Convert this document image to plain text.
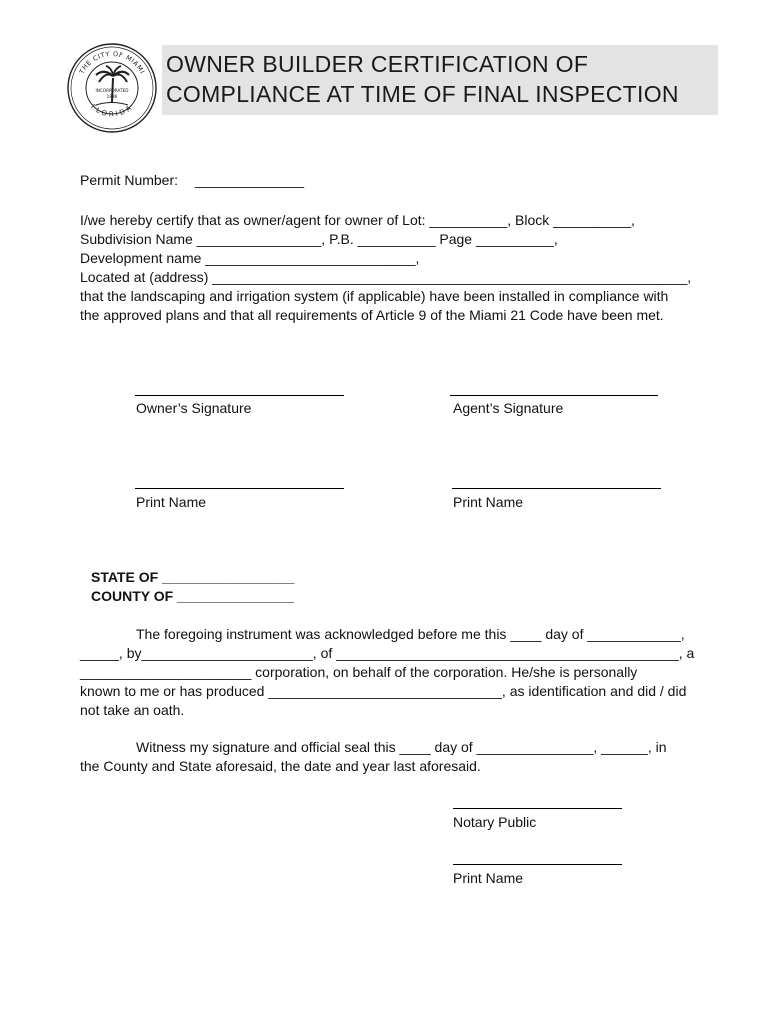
THE CITY OF MIAMI
FLORIDA
INCORPORATED
1896
OWNER BUILDER CERTIFICATION OF
COMPLIANCE AT TIME OF FINAL INSPECTION
Permit Number: ______________
I/we hereby certify that as owner/agent for owner of Lot: __________, Block __________,
Subdivision Name ________________, P.B. __________ Page __________,
Development name ___________________________,
Located at (address) _____________________________________________________________,
that the landscaping and irrigation system (if applicable) have been installed in compliance with
the approved plans and that all requirements of Article 9 of the Miami 21 Code have been met.
Owner’s Signature	Agent’s Signature
Print Name	Print Name
STATE OF _________________
COUNTY OF _______________
The foregoing instrument was acknowledged before me this ____ day of ____________,
_____, by______________________, of ____________________________________________, a
______________________ corporation, on behalf of the corporation. He/she is personally
known to me or has produced ______________________________, as identification and did / did
not take an oath.
Witness my signature and official seal this ____ day of _______________, ______, in
the County and State aforesaid, the date and year last aforesaid.
Notary Public
Print Name
